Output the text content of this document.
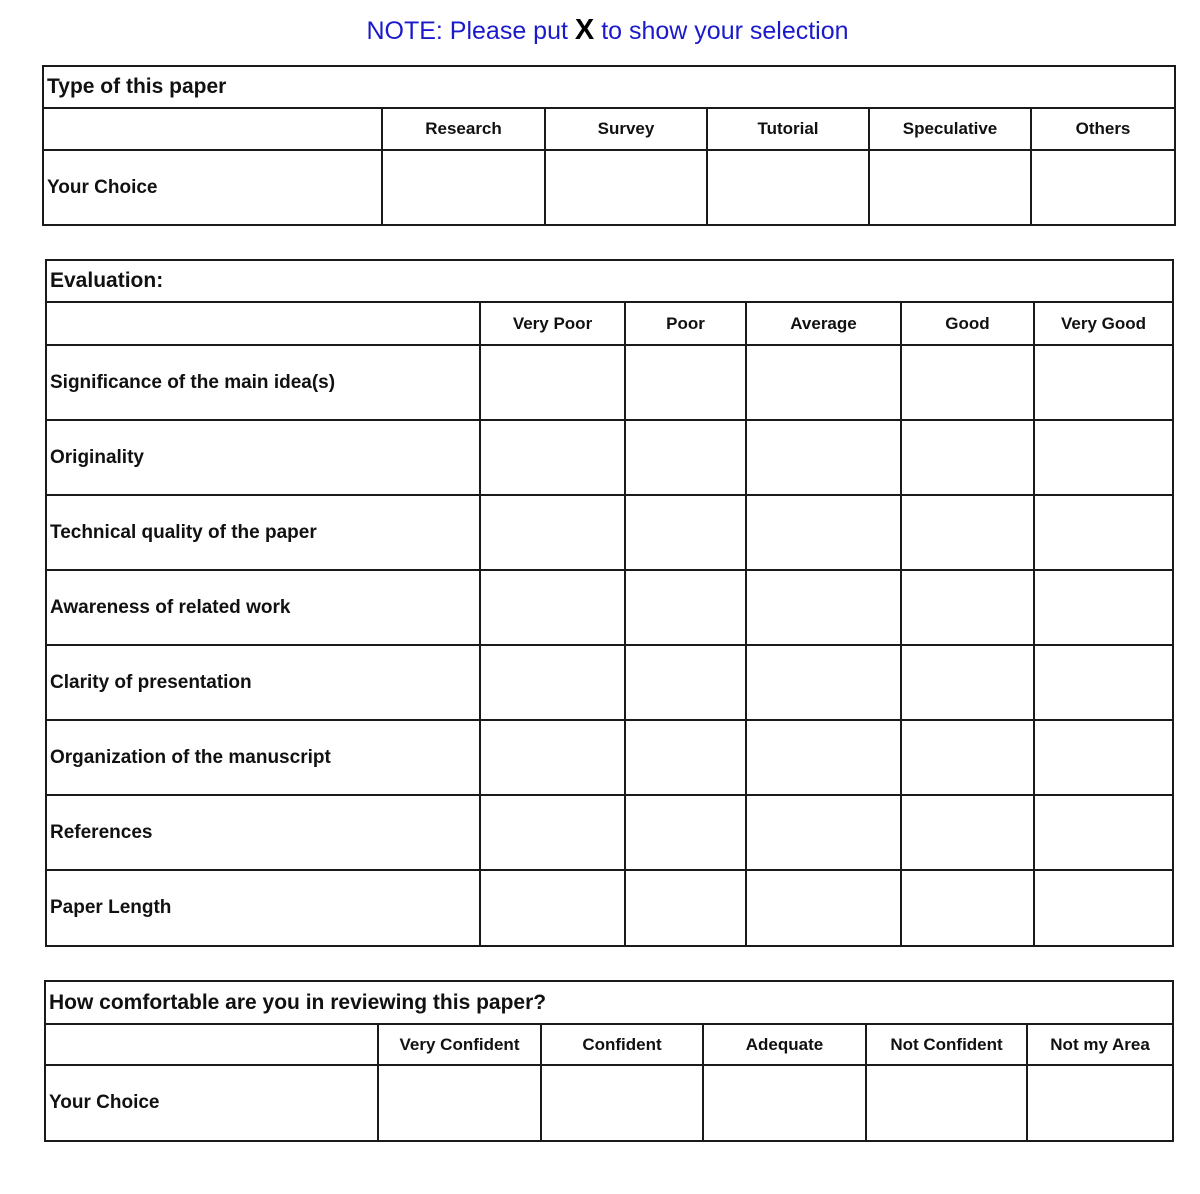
NOTE: Please put X to show your selection
Type of this paper					
	Research	Survey	Tutorial	Speculative	Others
Your Choice					
Evaluation:					
	Very Poor	Poor	Average	Good	Very Good
Significance of the main idea(s)					
Originality					
Technical quality of the paper					
Awareness of related work					
Clarity of presentation					
Organization of the manuscript					
References					
Paper Length					
How comfortable are you in reviewing this paper?					
	Very Confident	Confident	Adequate	Not Confident	Not my Area
Your Choice					
